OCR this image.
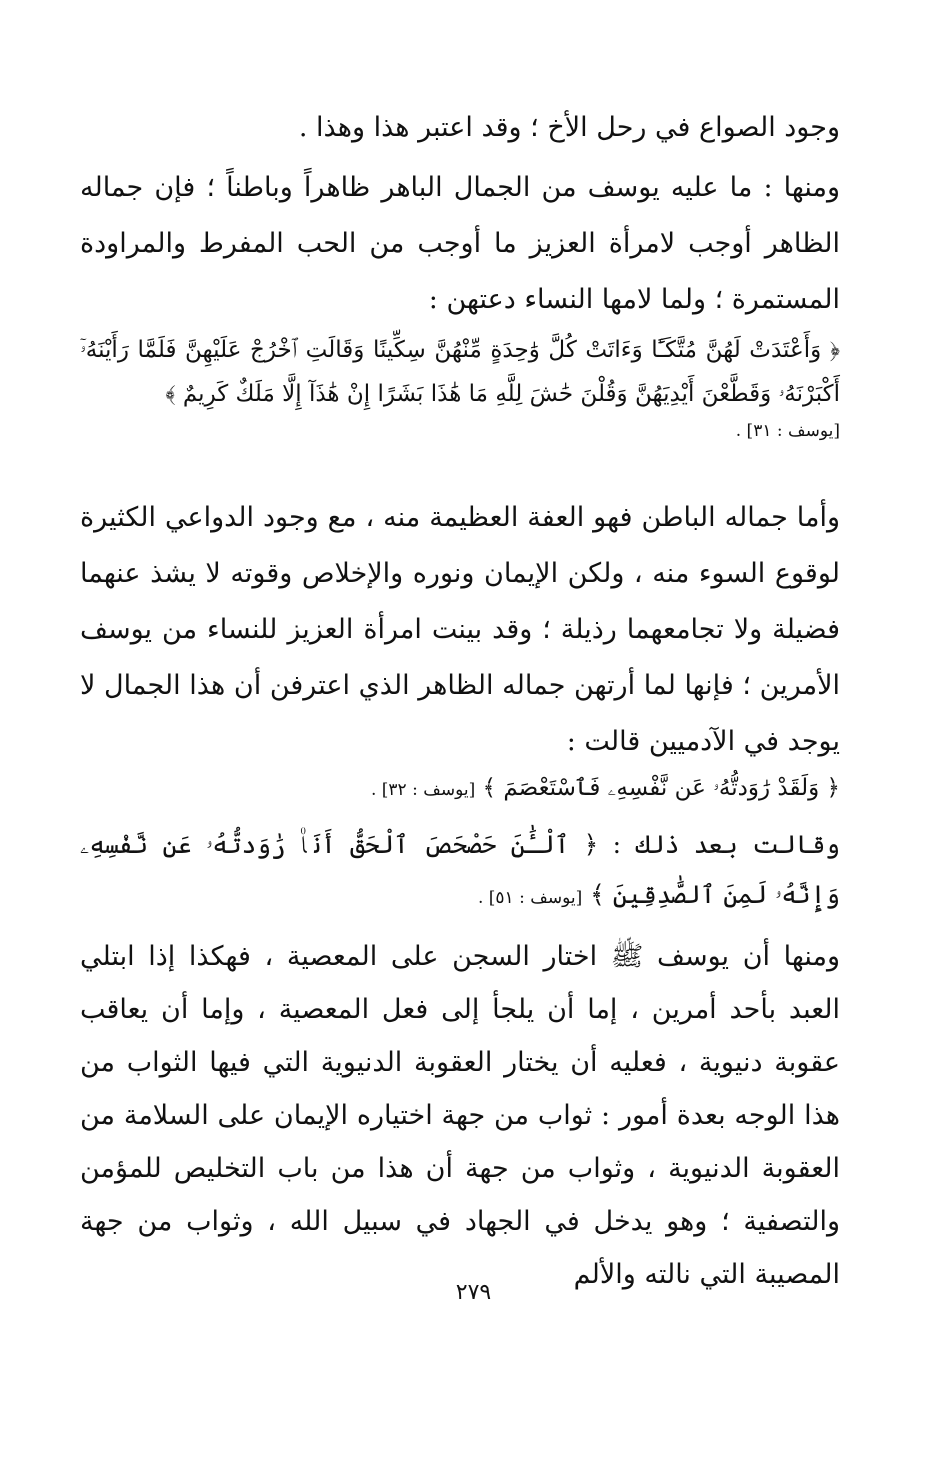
وجود الصواع في رحل الأخ ؛ وقد اعتبر هذا وهذا .

ومنها : ما عليه يوسف من الجمال الباهر ظاهراً وباطناً ؛ فإن جماله الظاهر أوجب لامرأة العزيز ما أوجب من الحب المفرط والمراودة المستمرة ؛ ولما لامها النساء دعتهن :

﴿ وَأَعْتَدَتْ لَهُنَّ مُتَّكَـًٔا وَءَاتَتْ كُلَّ وَٰحِدَةٍ مِّنْهُنَّ سِكِّينًا وَقَالَتِ ٱخْرُجْ عَلَيْهِنَّ فَلَمَّا رَأَيْنَهُۥٓ أَكْبَرْنَهُۥ وَقَطَّعْنَ أَيْدِيَهُنَّ وَقُلْنَ حَٰشَ لِلَّهِ مَا هَٰذَا بَشَرًا إِنْ هَٰذَآ إِلَّا مَلَكٌ كَرِيمٌ ﴾

[يوسف : ٣١] .

وأما جماله الباطن فهو العفة العظيمة منه ، مع وجود الدواعي الكثيرة لوقوع السوء منه ، ولكن الإيمان ونوره والإخلاص وقوته لا يشذ عنهما فضيلة ولا تجامعهما رذيلة ؛ وقد بينت امرأة العزيز للنساء من يوسف الأمرين ؛ فإنها لما أرتهن جماله الظاهر الذي اعترفن أن هذا الجمال لا يوجد في الآدميين قالت :

﴿ وَلَقَدْ رَٰوَدتُّهُۥ عَن نَّفْسِهِۦ فَٱسْتَعْصَمَ ﴾ [يوسف : ٣٢] .

وقالت بعد ذلك : ﴿ ٱلْـَٰٔنَ حَصْحَصَ ٱلْحَقُّ أَنَا۠ رَٰوَدتُّهُۥ عَن نَّفْسِهِۦ وَإِنَّهُۥ لَمِنَ ٱلصَّٰدِقِينَ ﴾ [يوسف : ٥١] .

ومنها أن يوسف ﷺ اختار السجن على المعصية ، فهكذا إذا ابتلي العبد بأحد أمرين ، إما أن يلجأ إلى فعل المعصية ، وإما أن يعاقب عقوبة دنيوية ، فعليه أن يختار العقوبة الدنيوية التي فيها الثواب من هذا الوجه بعدة أمور : ثواب من جهة اختياره الإيمان على السلامة من العقوبة الدنيوية ، وثواب من جهة أن هذا من باب التخليص للمؤمن والتصفية ؛ وهو يدخل في الجهاد في سبيل الله ، وثواب من جهة المصيبة التي نالته والألم

٢٧٩
